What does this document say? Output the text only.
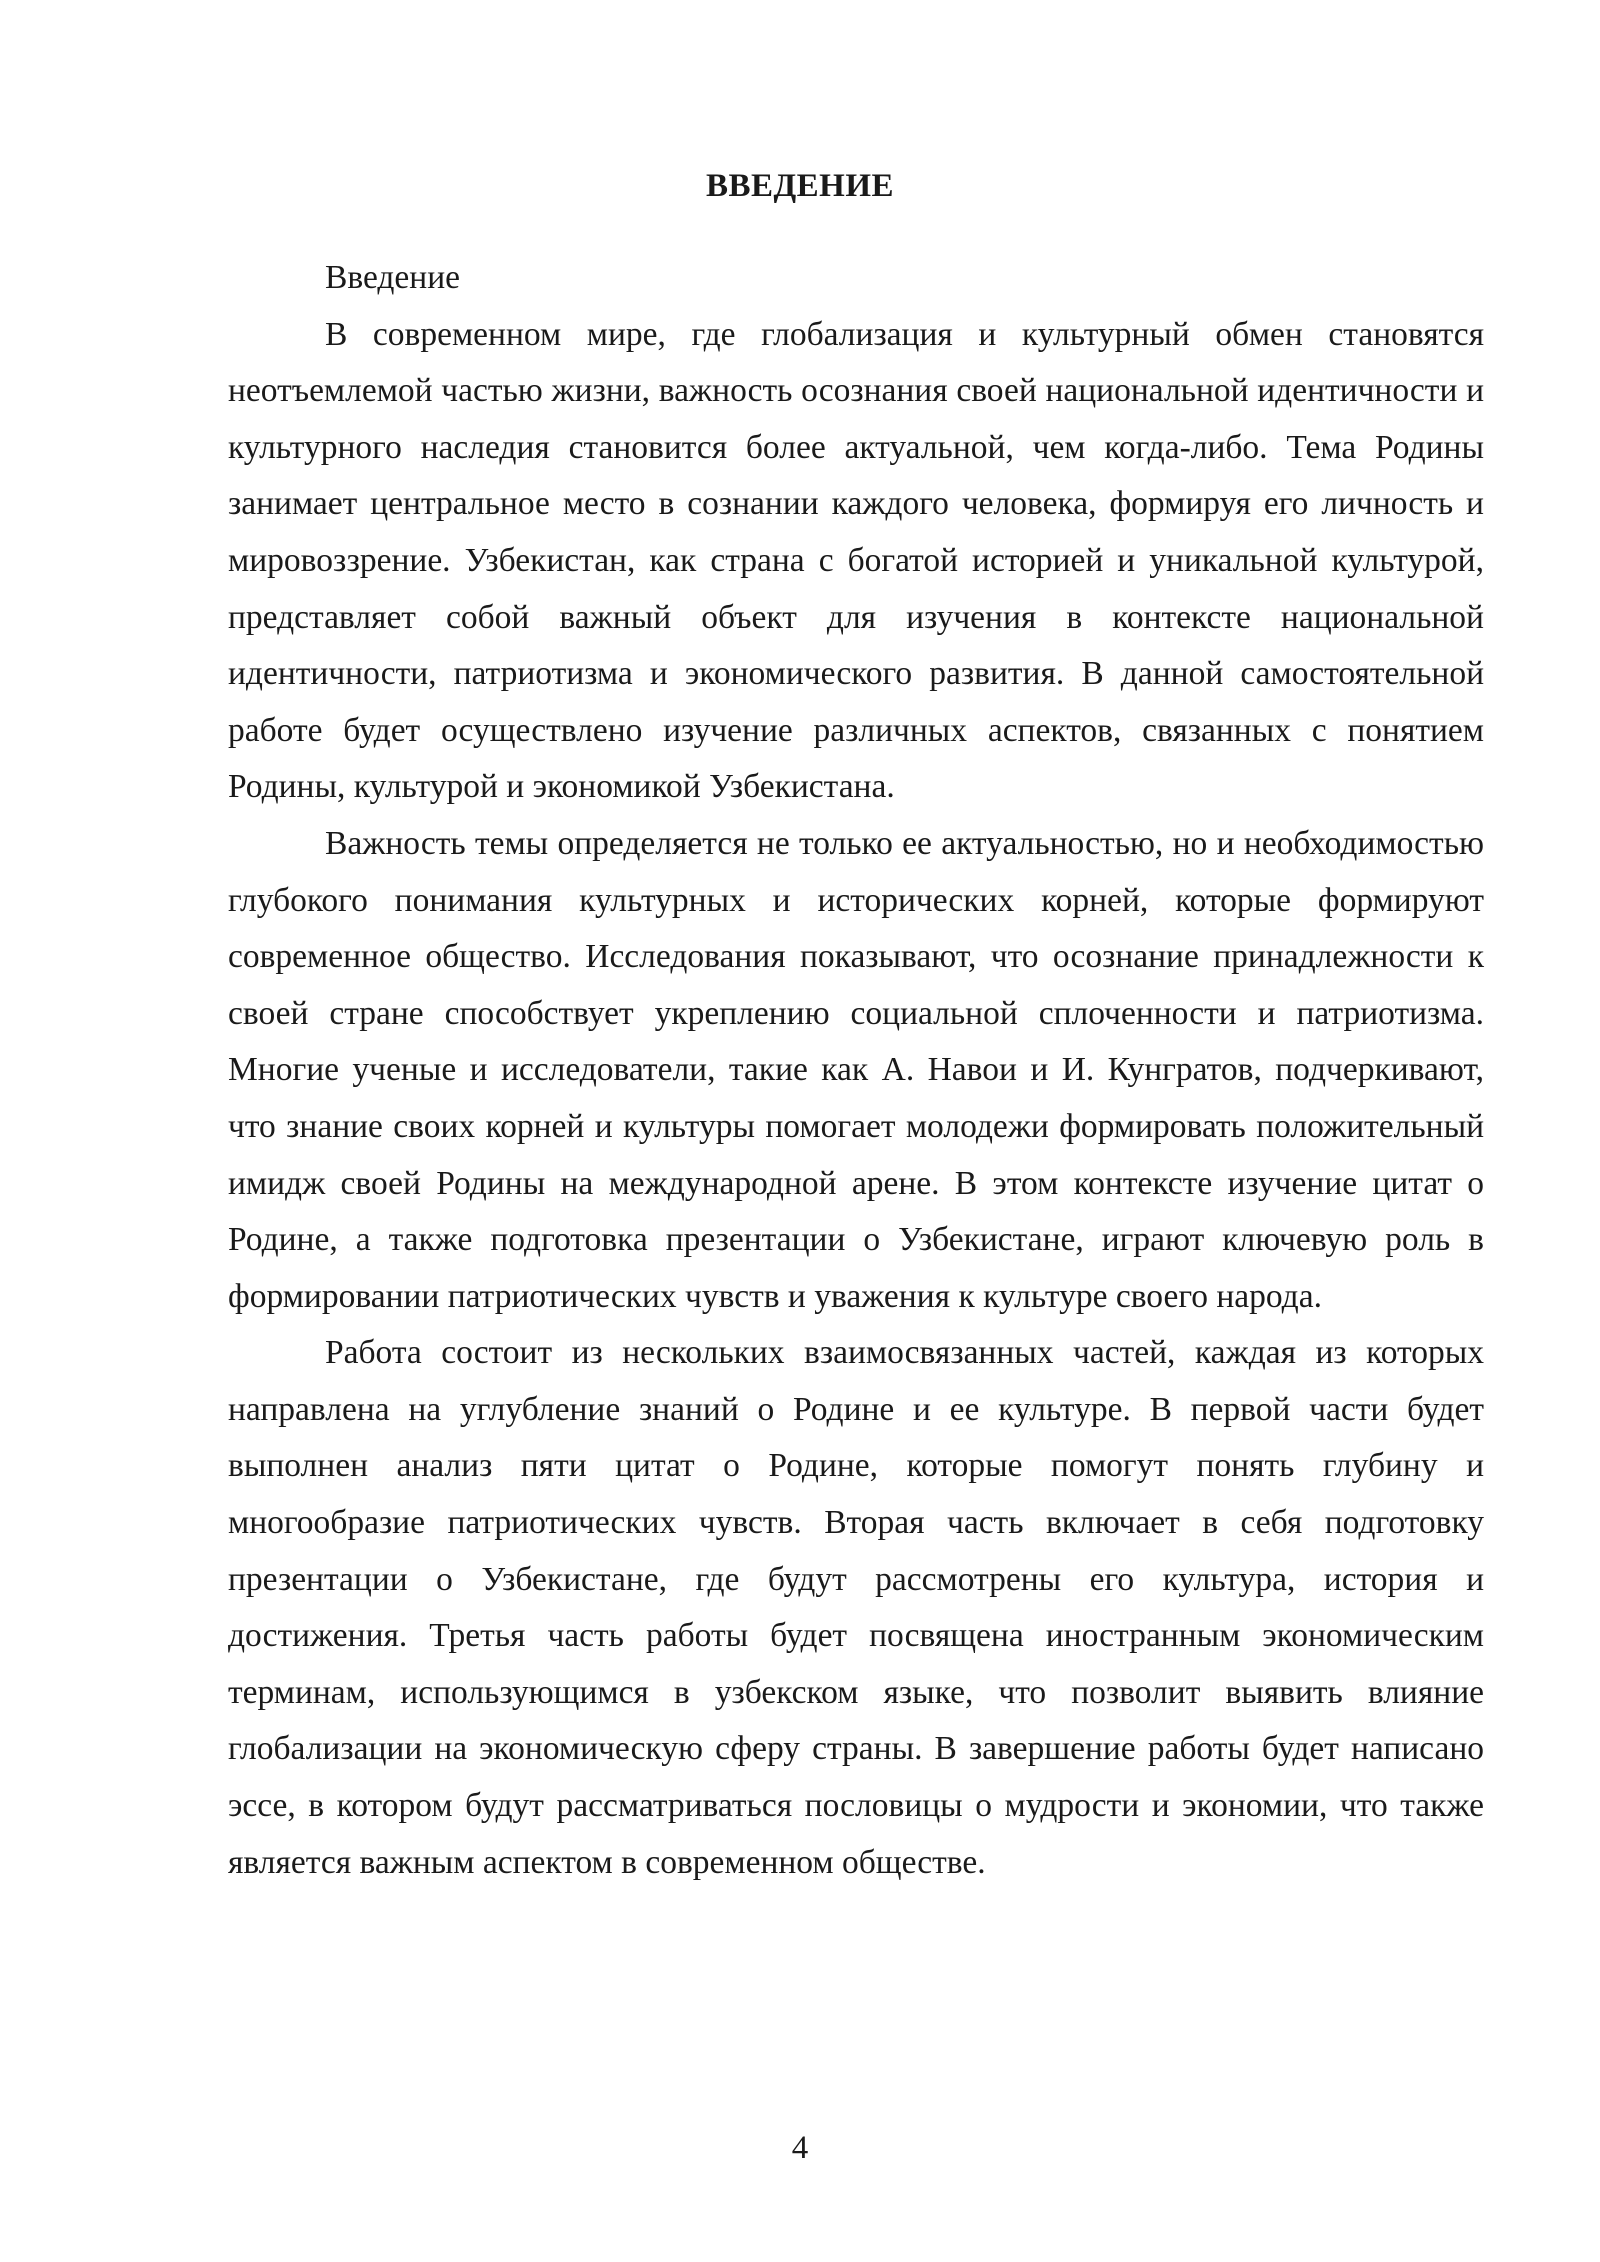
ВВЕДЕНИЕ

Введение

В современном мире, где глобализация и культурный обмен становятся неотъемлемой частью жизни, важность осознания своей национальной идентичности и культурного наследия становится более актуальной, чем когда-либо. Тема Родины занимает центральное место в сознании каждого человека, формируя его личность и мировоззрение. Узбекистан, как страна с богатой историей и уникальной культурой, представляет собой важный объект для изучения в контексте национальной идентичности, патриотизма и экономического развития. В данной самостоятельной работе будет осуществлено изучение различных аспектов, связанных с понятием Родины, культурой и экономикой Узбекистана.

Важность темы определяется не только ее актуальностью, но и необходимостью глубокого понимания культурных и исторических корней, которые формируют современное общество. Исследования показывают, что осознание принадлежности к своей стране способствует укреплению социальной сплоченности и патриотизма. Многие ученые и исследователи, такие как А. Навои и И. Кунгратов, подчеркивают, что знание своих корней и культуры помогает молодежи формировать положительный имидж своей Родины на международной арене. В этом контексте изучение цитат о Родине, а также подготовка презентации о Узбекистане, играют ключевую роль в формировании патриотических чувств и уважения к культуре своего народа.

Работа состоит из нескольких взаимосвязанных частей, каждая из которых направлена на углубление знаний о Родине и ее культуре. В первой части будет выполнен анализ пяти цитат о Родине, которые помогут понять глубину и многообразие патриотических чувств. Вторая часть включает в себя подготовку презентации о Узбекистане, где будут рассмотрены его культура, история и достижения. Третья часть работы будет посвящена иностранным экономическим терминам, использующимся в узбекском языке, что позволит выявить влияние глобализации на экономическую сферу страны. В завершение работы будет написано эссе, в котором будут рассматриваться пословицы о мудрости и экономии, что также является важным аспектом в современном обществе.

4
